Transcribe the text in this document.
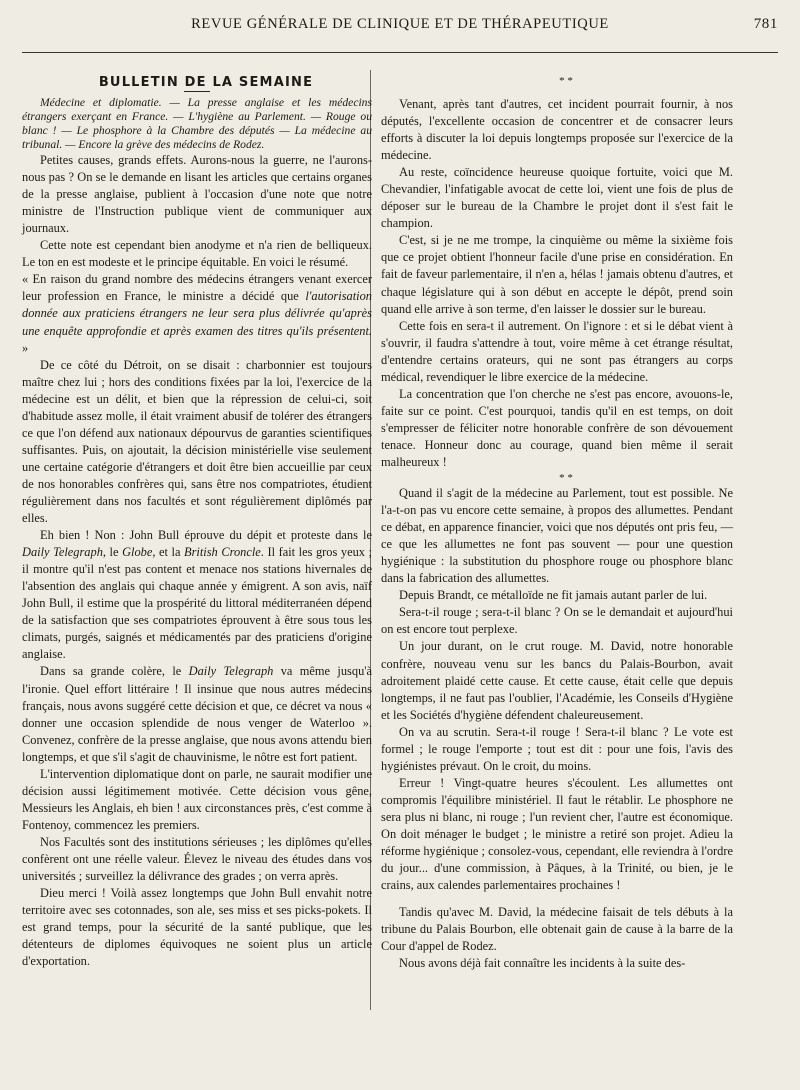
REVUE GÉNÉRALE DE CLINIQUE ET DE THÉRAPEUTIQUE	781

BULLETIN DE LA SEMAINE

Médecine et diplomatie. — La presse anglaise et les médecins étrangers exerçant en France. — L'hygiène au Parlement. — Rouge ou blanc ! — Le phosphore à la Chambre des députés — La médecine au tribunal. — Encore la grève des médecins de Rodez.

Petites causes, grands effets. Aurons-nous la guerre, ne l'aurons-nous pas ? On se le demande en lisant les articles que certains organes de la presse anglaise, publient à l'occasion d'une note que notre ministre de l'Instruction publique vient de communiquer aux journaux.

Cette note est cependant bien anodyme et n'a rien de belliqueux. Le ton en est modeste et le principe équitable. En voici le résumé.

« En raison du grand nombre des médecins étrangers venant exercer leur profession en France, le ministre a décidé que l'autorisation donnée aux praticiens étrangers ne leur sera plus délivrée qu'après une enquête approfondie et après examen des titres qu'ils présentent. »

De ce côté du Détroit, on se disait : charbonnier est toujours maître chez lui ; hors des conditions fixées par la loi, l'exercice de la médecine est un délit, et bien que la répression de celui-ci, soit d'habitude assez molle, il était vraiment abusif de tolérer des étrangers ce que l'on défend aux nationaux dépourvus de garanties scientifiques suffisantes. Puis, on ajoutait, la décision ministérielle vise seulement une certaine catégorie d'étrangers et doit être bien accueillie par ceux de nos honorables confrères qui, sans être nos compatriotes, étudient régulièrement dans nos facultés et sont régulièrement diplômés par elles.

Eh bien ! Non : John Bull éprouve du dépit et proteste dans le Daily Telegraph, le Globe, et la British Croncle. Il fait les gros yeux ; il montre qu'il n'est pas content et menace nos stations hivernales de l'absention des anglais qui chaque année y émigrent. A son avis, naïf John Bull, il estime que la prospérité du littoral méditerranéen dépend de la satisfaction que ses compatriotes éprouvent à être sous tous les climats, purgés, saignés et médicamentés par des praticiens d'origine anglaise.

Dans sa grande colère, le Daily Telegraph va même jusqu'à l'ironie. Quel effort littéraire ! Il insinue que nous autres médecins français, nous avons suggéré cette décision et que, ce décret va nous « donner une occasion splendide de nous venger de Waterloo ». Convenez, confrère de la presse anglaise, que nous avons attendu bien longtemps, et que s'il s'agit de chauvinisme, le nôtre est fort patient.

L'intervention diplomatique dont on parle, ne saurait modifier une décision aussi légitimement motivée. Cette décision vous gêne, Messieurs les Anglais, eh bien ! aux circonstances près, c'est comme à Fontenoy, commencez les premiers.

Nos Facultés sont des institutions sérieuses ; les diplômes qu'elles confèrent ont une réelle valeur. Élevez le niveau des études dans vos universités ; surveillez la délivrance des grades ; on verra après.

Dieu merci ! Voilà assez longtemps que John Bull envahit notre territoire avec ses cotonnades, son ale, ses miss et ses picks-pokets. Il est grand temps, pour la sécurité de la santé publique, que les détenteurs de diplomes équivoques ne soient plus un article d'exportation.

* *

Venant, après tant d'autres, cet incident pourrait fournir, à nos députés, l'excellente occasion de concentrer et de consacrer leurs efforts à discuter la loi depuis longtemps proposée sur l'exercice de la médecine.

Au reste, coïncidence heureuse quoique fortuite, voici que M. Chevandier, l'infatigable avocat de cette loi, vient une fois de plus de déposer sur le bureau de la Chambre le projet dont il s'est fait le champion.

C'est, si je ne me trompe, la cinquième ou même la sixième fois que ce projet obtient l'honneur facile d'une prise en considération. En fait de faveur parlementaire, il n'en a, hélas ! jamais obtenu d'autres, et chaque législature qui à son début en accepte le dépôt, prend soin quand elle arrive à son terme, d'en laisser le dossier sur le bureau.

Cette fois en sera-t il autrement. On l'ignore : et si le débat vient à s'ouvrir, il faudra s'attendre à tout, voire même à cet étrange résultat, d'entendre certains orateurs, qui ne sont pas étrangers au corps médical, revendiquer le libre exercice de la médecine.

La concentration que l'on cherche ne s'est pas encore, avouons-le, faite sur ce point. C'est pourquoi, tandis qu'il en est temps, on doit s'empresser de féliciter notre honorable confrère de son dévouement tenace. Honneur donc au courage, quand bien même il serait malheureux !

* *

Quand il s'agit de la médecine au Parlement, tout est possible. Ne l'a-t-on pas vu encore cette semaine, à propos des allumettes. Pendant ce débat, en apparence financier, voici que nos députés ont pris feu, — ce que les allumettes ne font pas souvent — pour une question hygiénique : la substitution du phosphore rouge ou phosphore blanc dans la fabrication des allumettes.

Depuis Brandt, ce métalloïde ne fit jamais autant parler de lui.

Sera-t-il rouge ; sera-t-il blanc ? On se le demandait et aujourd'hui on est encore tout perplexe.

Un jour durant, on le crut rouge. M. David, notre honorable confrère, nouveau venu sur les bancs du Palais-Bourbon, avait adroitement plaidé cette cause. Et cette cause, était celle que depuis longtemps, il ne faut pas l'oublier, l'Académie, les Conseils d'Hygiène et les Sociétés d'hygiène défendent chaleureusement.

On va au scrutin. Sera-t-il rouge ! Sera-t-il blanc ? Le vote est formel ; le rouge l'emporte ; tout est dit : pour une fois, l'avis des hygiénistes prévaut. On le croit, du moins.

Erreur ! Vingt-quatre heures s'écoulent. Les allumettes ont compromis l'équilibre ministériel. Il faut le rétablir. Le phosphore ne sera plus ni blanc, ni rouge ; l'un revient cher, l'autre est économique. On doit ménager le budget ; le ministre a retiré son projet. Adieu la réforme hygiénique ; consolez-vous, cependant, elle reviendra à l'ordre du jour... d'une commission, à Pâques, à la Trinité, ou bien, je le crains, aux calendes parlementaires prochaines !

Tandis qu'avec M. David, la médecine faisait de tels débuts à la tribune du Palais Bourbon, elle obtenait gain de cause à la barre de la Cour d'appel de Rodez.

Nous avons déjà fait connaître les incidents à la suite des-
